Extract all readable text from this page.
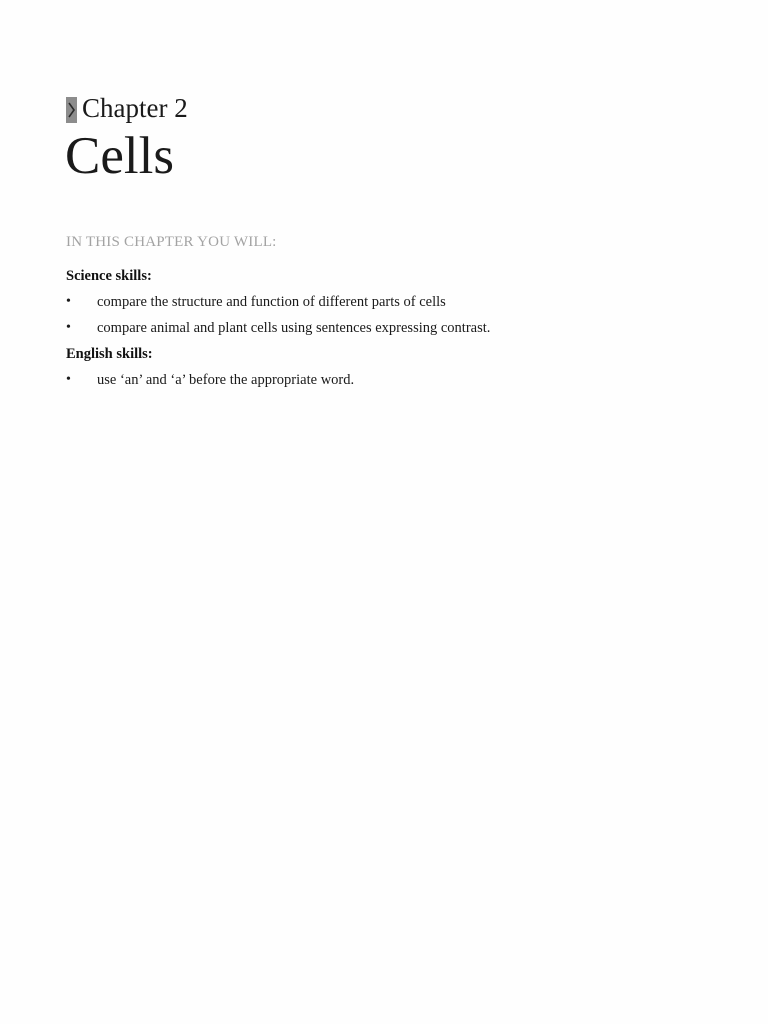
Chapter 2
Cells
IN THIS CHAPTER YOU WILL:
Science skills:
•	compare the structure and function of different parts of cells
•	compare animal and plant cells using sentences expressing contrast.
English skills:
•	use ‘an’ and ‘a’ before the appropriate word.
